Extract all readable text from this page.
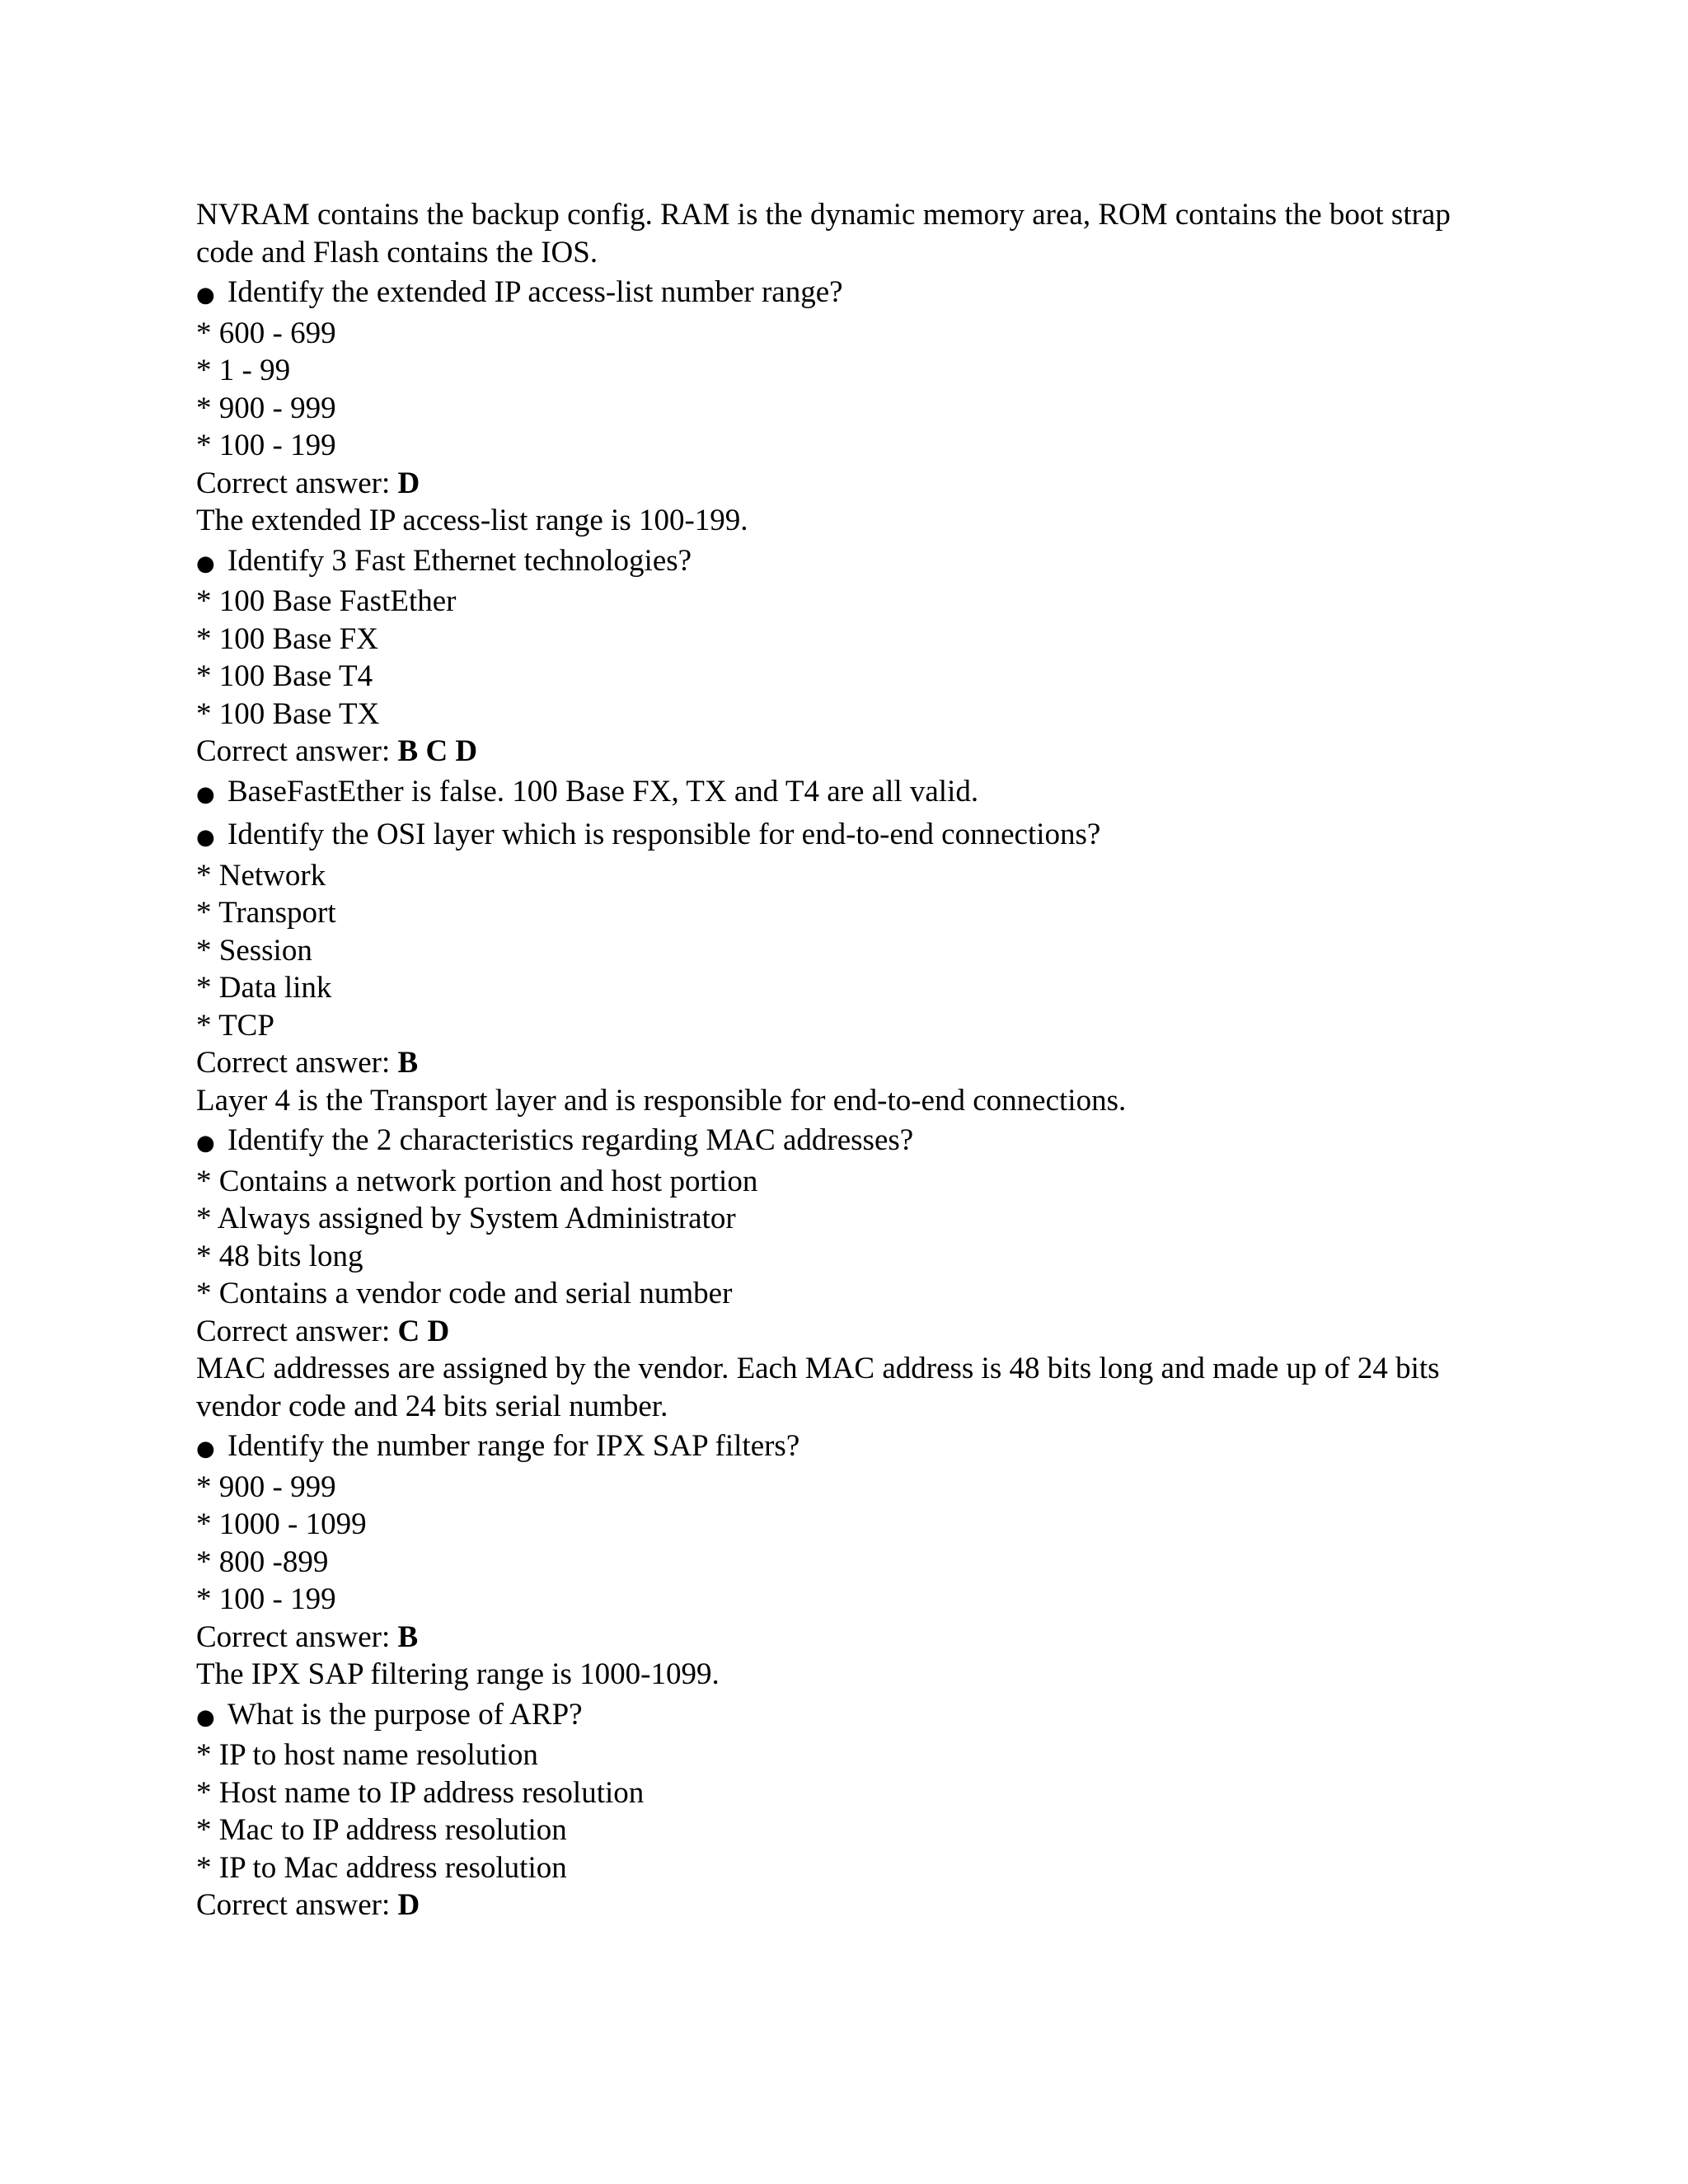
NVRAM contains the backup config. RAM is the dynamic memory area, ROM contains the boot strap code and Flash contains the IOS.
● Identify the extended IP access-list number range?
* 600 - 699
* 1 - 99
* 900 - 999
* 100 - 199
Correct answer: D
The extended IP access-list range is 100-199.
● Identify 3 Fast Ethernet technologies?
* 100 Base FastEther
* 100 Base FX
* 100 Base T4
* 100 Base TX
Correct answer: B C D
● BaseFastEther is false. 100 Base FX, TX and T4 are all valid.
● Identify the OSI layer which is responsible for end-to-end connections?
* Network
* Transport
* Session
* Data link
* TCP
Correct answer: B
Layer 4 is the Transport layer and is responsible for end-to-end connections.
● Identify the 2 characteristics regarding MAC addresses?
* Contains a network portion and host portion
* Always assigned by System Administrator
* 48 bits long
* Contains a vendor code and serial number
Correct answer: C D
MAC addresses are assigned by the vendor. Each MAC address is 48 bits long and made up of 24 bits vendor code and 24 bits serial number.
● Identify the number range for IPX SAP filters?
* 900 - 999
* 1000 - 1099
* 800 -899
* 100 - 199
Correct answer: B
The IPX SAP filtering range is 1000-1099.
● What is the purpose of ARP?
* IP to host name resolution
* Host name to IP address resolution
* Mac to IP address resolution
* IP to Mac address resolution
Correct answer: D
